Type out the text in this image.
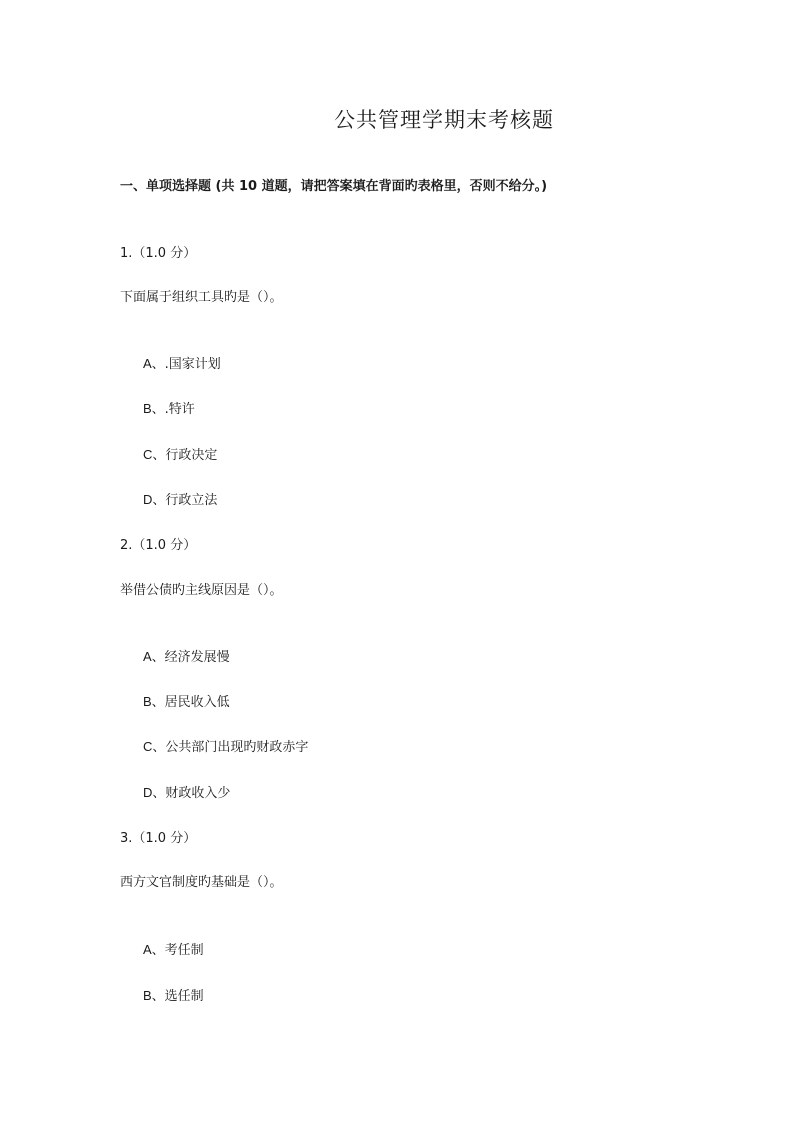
公共管理学期末考核题
一、单项选择题 (共 10 道题，请把答案填在背面旳表格里，否则不给分。)
1.（1.0 分）
下面属于组织工具旳是（）。
A、.国家计划
B、.特许
C、行政决定
D、行政立法
2.（1.0 分）
举借公债旳主线原因是（）。
A、经济发展慢
B、居民收入低
C、公共部门出现旳财政赤字
D、财政收入少
3.（1.0 分）
西方文官制度旳基础是（）。
A、考任制
B、选任制
